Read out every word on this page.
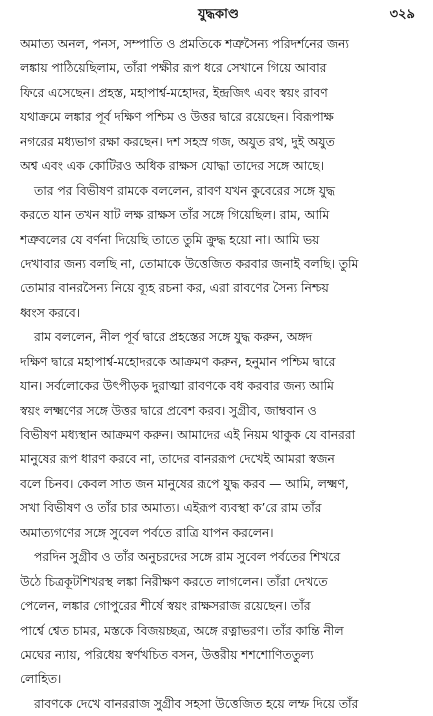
যুদ্ধকাণ্ড	৩২৯
অমাত্য অনল, পনস, সম্পাতি ও প্রমতিকে শত্রুসৈন্য পরিদর্শনের জন্য
লঙ্কায় পাঠিয়েছিলাম, তাঁরা পক্ষীর রূপ ধরে সেখানে গিয়ে আবার
ফিরে এসেছেন। প্রহস্ত, মহাপার্শ্ব-মহোদর, ইন্দ্রজিৎ এবং স্বয়ং রাবণ
যথাক্রমে লঙ্কার পূর্ব দক্ষিণ পশ্চিম ও উত্তর দ্বারে রয়েছেন। বিরূপাক্ষ
নগরের মধ্যভাগ রক্ষা করছেন। দশ সহস্র গজ, অযুত রথ, দুই অযুত
অশ্ব এবং এক কোটিরও অধিক রাক্ষস যোদ্ধা তাদের সঙ্গে আছে।
তার পর বিভীষণ রামকে বললেন, রাবণ যখন কুবেরের সঙ্গে যুদ্ধ
করতে যান তখন ষাট লক্ষ রাক্ষস তাঁর সঙ্গে গিয়েছিল। রাম, আমি
শত্রুবলের যে বর্ণনা দিয়েছি তাতে তুমি ক্রুদ্ধ হয়ো না। আমি ভয়
দেখাবার জন্য বলছি না, তোমাকে উত্তেজিত করবার জনাই বলছি। তুমি
তোমার বানরসৈন্য নিয়ে ব্যূহ রচনা কর, এরা রাবণের সৈন্য নিশ্চয়
ধ্বংস করবে।
রাম বললেন, নীল পূর্ব দ্বারে প্রহস্তের সঙ্গে যুদ্ধ করুন, অঙ্গদ
দক্ষিণ দ্বারে মহাপার্শ্ব-মহোদরকে আক্রমণ করুন, হনুমান পশ্চিম দ্বারে
যান। সর্বলোকের উৎপীড়ক দুরাত্মা রাবণকে বধ করবার জন্য আমি
স্বয়ং লক্ষ্মণের সঙ্গে উত্তর দ্বারে প্রবেশ করব। সুগ্রীব, জাম্ববান ও
বিভীষণ মধ্যস্থান আক্রমণ করুন। আমাদের এই নিয়ম থাকুক যে বানররা
মানুষের রূপ ধারণ করবে না, তাদের বানররূপ দেখেই আমরা স্বজন
বলে চিনব। কেবল সাত জন মানুষের রূপে যুদ্ধ করব — আমি, লক্ষ্মণ,
সখা বিভীষণ ও তাঁর চার অমাত্য। এইরূপ ব্যবস্থা ক’রে রাম তাঁর
অমাত্যগণের সঙ্গে সুবেল পর্বতে রাত্রি যাপন করলেন।
পরদিন সুগ্রীব ও তাঁর অনুচরদের সঙ্গে রাম সুবেল পর্বতের শিখরে
উঠে চিত্রকূটশিখরস্থ লঙ্কা নিরীক্ষণ করতে লাগলেন। তাঁরা দেখতে
পেলেন, লঙ্কার গোপুরের শীর্ষে স্বয়ং রাক্ষসরাজ রয়েছেন। তাঁর
পার্শ্বে শ্বেত চামর, মস্তকে বিজয়চ্ছত্র, অঙ্গে রত্নাভরণ। তাঁর কান্তি নীল
মেঘের ন্যায়, পরিধেয় স্বর্ণখচিত বসন, উত্তরীয় শশশোণিততুল্য
লোহিত।
রাবণকে দেখে বানররাজ সুগ্রীব সহসা উত্তেজিত হয়ে লম্ফ দিয়ে তাঁর
